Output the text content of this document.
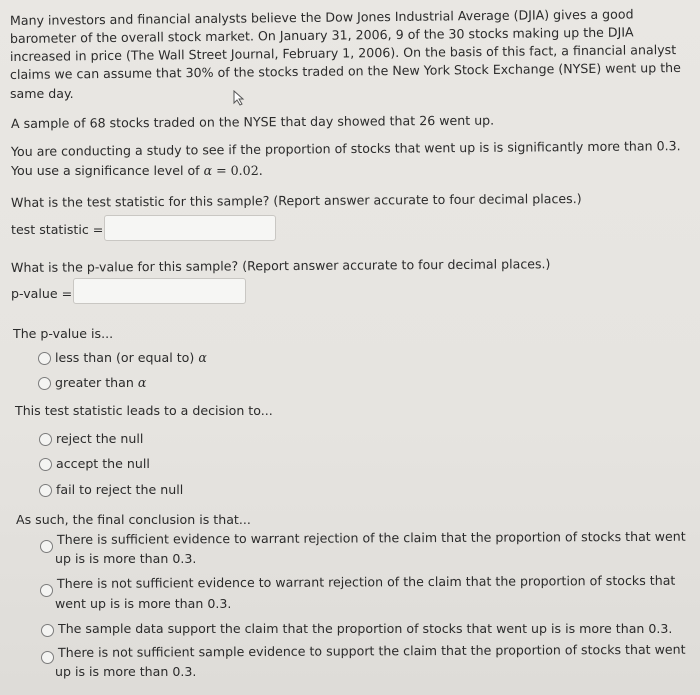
Many investors and financial analysts believe the Dow Jones Industrial Average (DJIA) gives a good
barometer of the overall stock market. On January 31, 2006, 9 of the 30 stocks making up the DJIA
increased in price (The Wall Street Journal, February 1, 2006). On the basis of this fact, a financial analyst
claims we can assume that 30% of the stocks traded on the New York Stock Exchange (NYSE) went up the
same day.
A sample of 68 stocks traded on the NYSE that day showed that 26 went up.
You are conducting a study to see if the proportion of stocks that went up is is significantly more than 0.3.
You use a significance level of α = 0.02.
What is the test statistic for this sample? (Report answer accurate to four decimal places.)
test statistic =
What is the p-value for this sample? (Report answer accurate to four decimal places.)
p-value =
The p-value is...
less than (or equal to) α
greater than α
This test statistic leads to a decision to...
reject the null
accept the null
fail to reject the null
As such, the final conclusion is that...
There is sufficient evidence to warrant rejection of the claim that the proportion of stocks that went
up is is more than 0.3.
There is not sufficient evidence to warrant rejection of the claim that the proportion of stocks that
went up is is more than 0.3.
The sample data support the claim that the proportion of stocks that went up is is more than 0.3.
There is not sufficient sample evidence to support the claim that the proportion of stocks that went
up is is more than 0.3.
